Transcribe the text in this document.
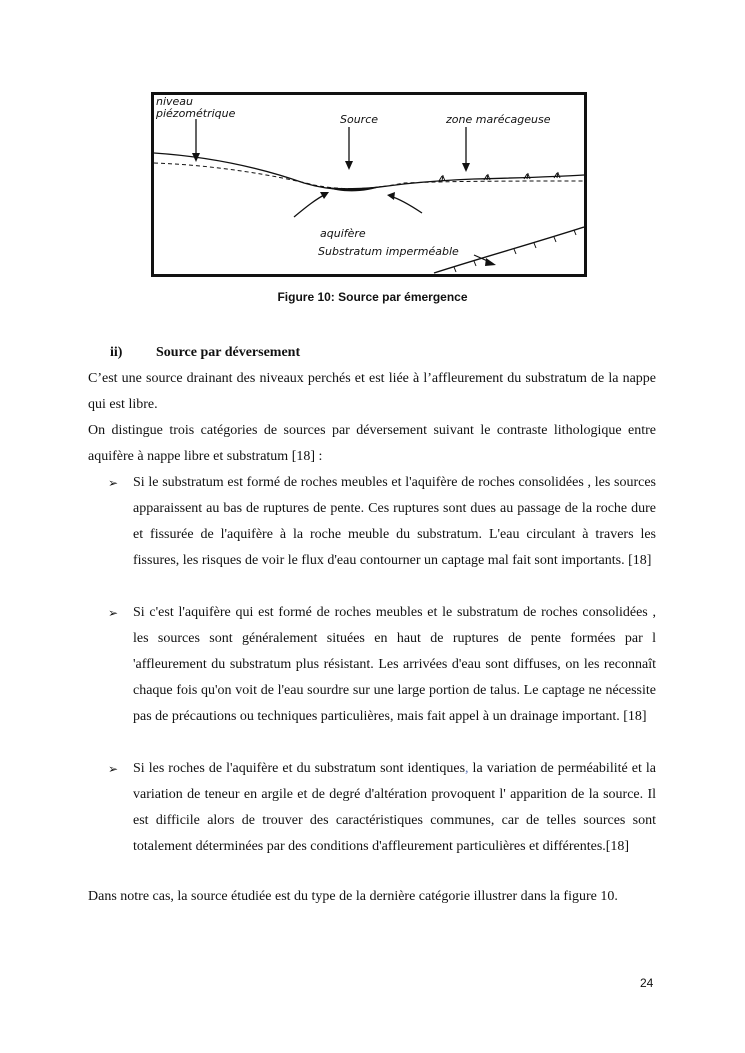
niveau
piézométrique	Source	zone marécageuse
aquifère
Substratum imperméable
Figure 10: Source par émergence
ii) Source par déversement
C’est une source drainant des niveaux perchés et est liée à l’affleurement du substratum de la nappe qui est libre.
On distingue trois catégories de sources par déversement suivant le contraste lithologique entre aquifère à nappe libre et substratum [18] :
➢ Si le substratum est formé de roches meubles et l'aquifère de roches consolidées , les sources apparaissent au bas de ruptures de pente. Ces ruptures sont dues au passage de la roche dure et fissurée de l'aquifère à la roche meuble du substratum. L'eau circulant à travers les fissures, les risques de voir le flux d'eau contourner un captage mal fait sont importants. [18]
➢ Si c'est l'aquifère qui est formé de roches meubles et le substratum de roches consolidées , les sources sont généralement situées en haut de ruptures de pente formées par l 'affleurement du substratum plus résistant. Les arrivées d'eau sont diffuses, on les reconnaît chaque fois qu'on voit de l'eau sourdre sur une large portion de talus. Le captage ne nécessite pas de précautions ou techniques particulières, mais fait appel à un drainage important. [18]
➢ Si les roches de l'aquifère et du substratum sont identiques, la variation de perméabilité et la variation de teneur en argile et de degré d'altération provoquent l' apparition de la source. Il est difficile alors de trouver des caractéristiques communes, car de telles sources sont totalement déterminées par des conditions d'affleurement particulières et différentes.[18]
Dans notre cas, la source étudiée est du type de la dernière catégorie illustrer dans la figure 10.
24
